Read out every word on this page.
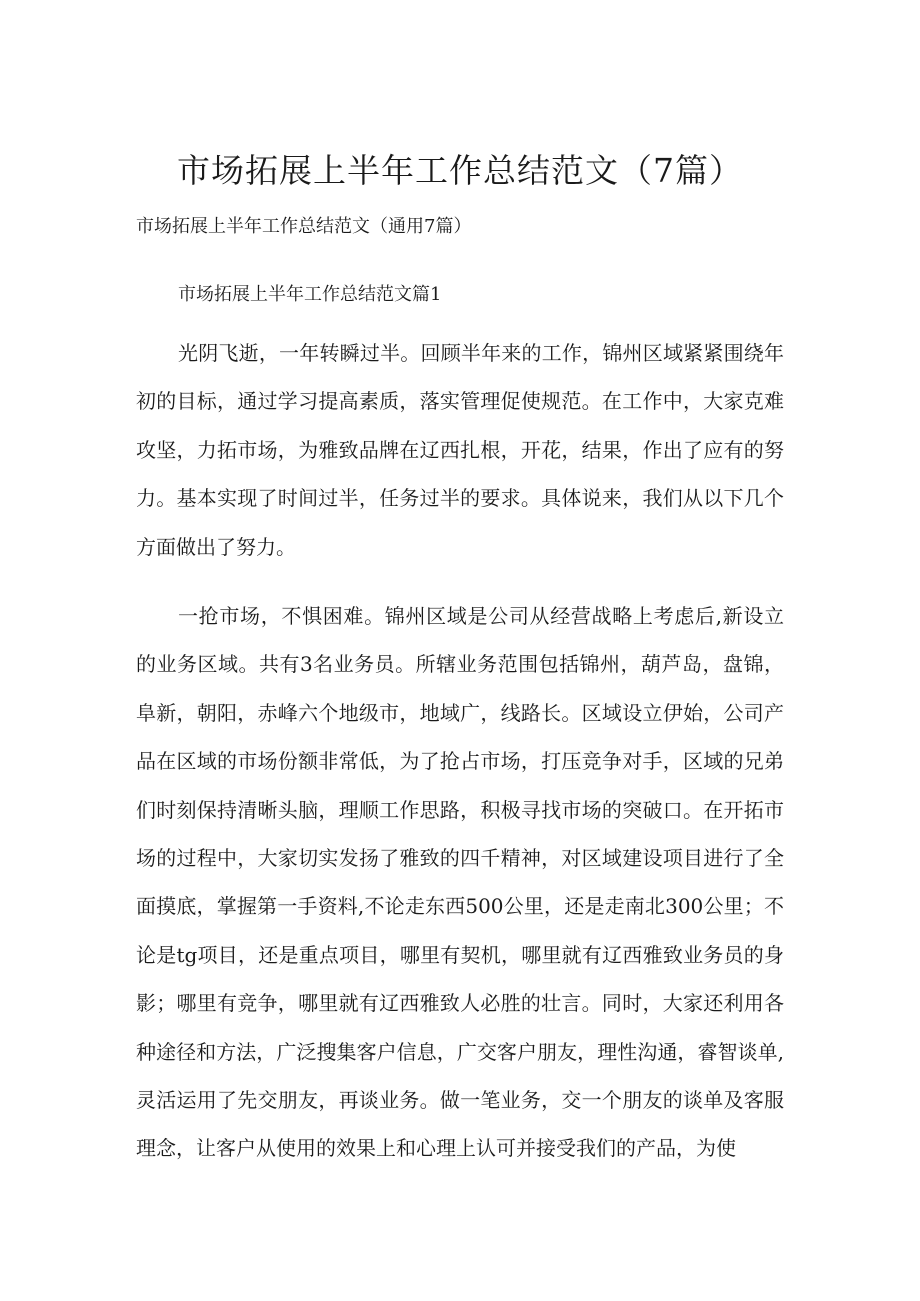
市场拓展上半年工作总结范文（7篇）

市场拓展上半年工作总结范文（通用7篇）

市场拓展上半年工作总结范文篇1

光阴飞逝，一年转瞬过半。回顾半年来的工作，锦州区域紧紧围绕年初的目标，通过学习提高素质，落实管理促使规范。在工作中，大家克难攻坚，力拓市场，为雅致品牌在辽西扎根，开花，结果，作出了应有的努力。基本实现了时间过半，任务过半的要求。具体说来，我们从以下几个方面做出了努力。

一抢市场，不惧困难。锦州区域是公司从经营战略上考虑后,新设立的业务区域。共有3名业务员。所辖业务范围包括锦州，葫芦岛，盘锦，阜新，朝阳，赤峰六个地级市，地域广，线路长。区域设立伊始，公司产品在区域的市场份额非常低，为了抢占市场，打压竞争对手，区域的兄弟们时刻保持清晰头脑，理顺工作思路，积极寻找市场的突破口。在开拓市场的过程中，大家切实发扬了雅致的四千精神，对区域建设项目进行了全面摸底，掌握第一手资料,不论走东西500公里，还是走南北300公里；不论是tg项目，还是重点项目，哪里有契机，哪里就有辽西雅致业务员的身影；哪里有竞争，哪里就有辽西雅致人必胜的壮言。同时，大家还利用各种途径和方法，广泛搜集客户信息，广交客户朋友，理性沟通，睿智谈单,灵活运用了先交朋友，再谈业务。做一笔业务，交一个朋友的谈单及客服理念，让客户从使用的效果上和心理上认可并接受我们的产品，为使
